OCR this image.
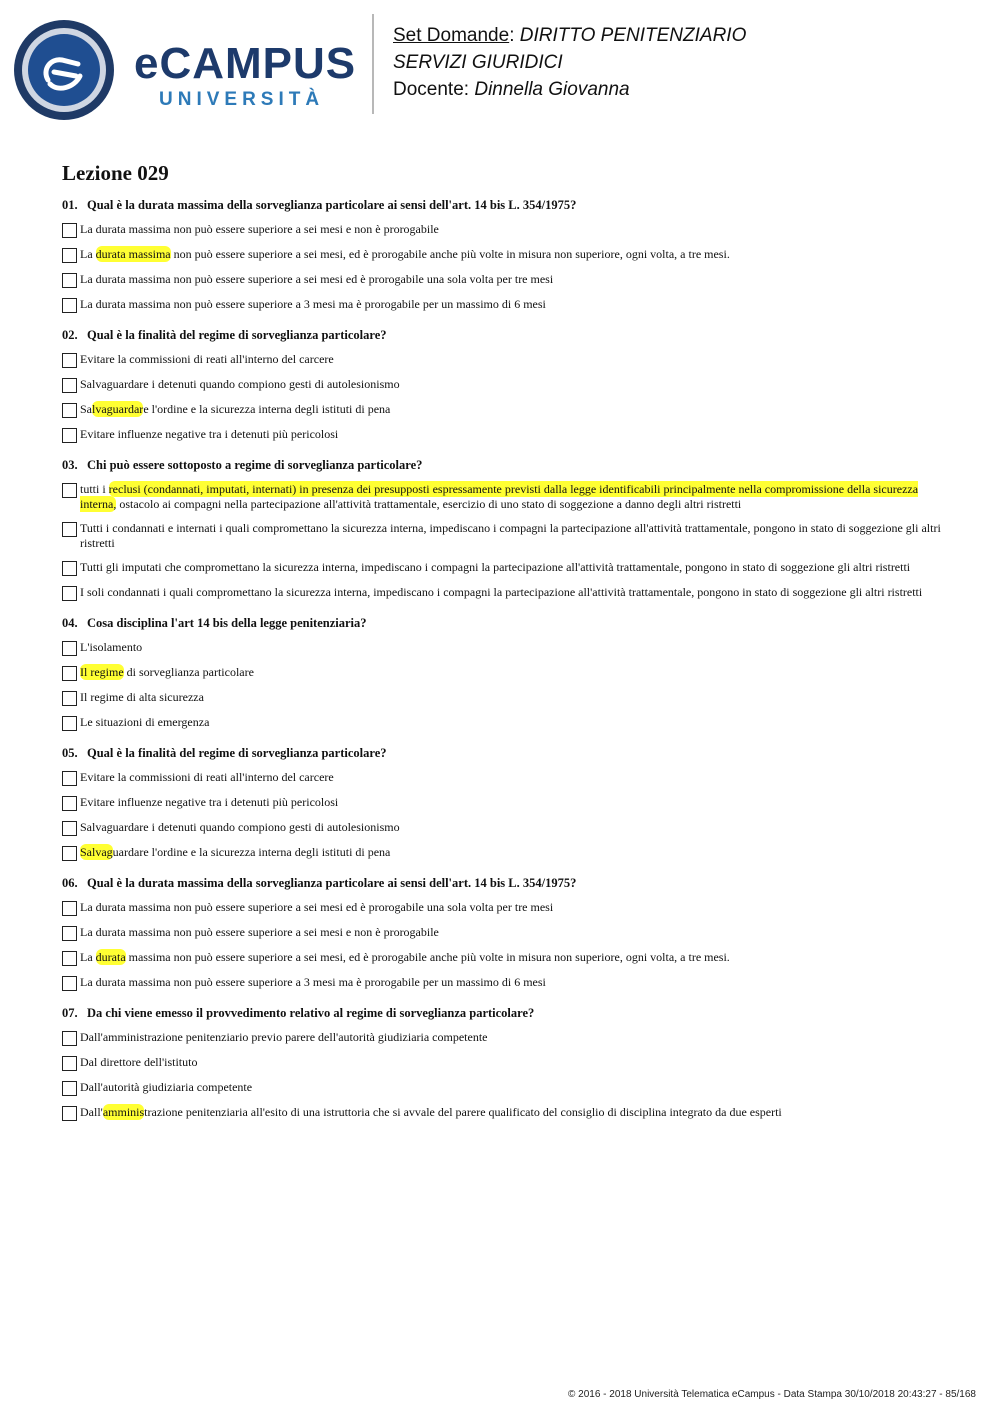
eCAMPUS
UNIVERSITÀ
Set Domande: DIRITTO PENITENZIARIO
SERVIZI GIURIDICI
Docente: Dinnella Giovanna
Lezione 029
01. Qual è la durata massima della sorveglianza particolare ai sensi dell'art. 14 bis L. 354/1975?
La durata massima non può essere superiore a sei mesi e non è prorogabile
La durata massima non può essere superiore a sei mesi, ed è prorogabile anche più volte in misura non superiore, ogni volta, a tre mesi.
La durata massima non può essere superiore a sei mesi ed è prorogabile una sola volta per tre mesi
La durata massima non può essere superiore a 3 mesi ma è prorogabile per un massimo di 6 mesi
02. Qual è la finalità del regime di sorveglianza particolare?
Evitare la commissioni di reati all'interno del carcere
Salvaguardare i detenuti quando compiono gesti di autolesionismo
Salvaguardare l'ordine e la sicurezza interna degli istituti di pena
Evitare influenze negative tra i detenuti più pericolosi
03. Chi può essere sottoposto a regime di sorveglianza particolare?
tutti i reclusi (condannati, imputati, internati) in presenza dei presupposti espressamente previsti dalla legge identificabili principalmente nella compromissione della sicurezza interna, ostacolo ai compagni nella partecipazione all'attività trattamentale, esercizio di uno stato di soggezione a danno degli altri ristretti
Tutti i condannati e internati i quali compromettano la sicurezza interna, impediscano i compagni la partecipazione all'attività trattamentale, pongono in stato di soggezione gli altri ristretti
Tutti gli imputati che compromettano la sicurezza interna, impediscano i compagni la partecipazione all'attività trattamentale, pongono in stato di soggezione gli altri ristretti
I soli condannati i quali compromettano la sicurezza interna, impediscano i compagni la partecipazione all'attività trattamentale, pongono in stato di soggezione gli altri ristretti
04. Cosa disciplina l'art 14 bis della legge penitenziaria?
L'isolamento
Il regime di sorveglianza particolare
Il regime di alta sicurezza
Le situazioni di emergenza
05. Qual è la finalità del regime di sorveglianza particolare?
Evitare la commissioni di reati all'interno del carcere
Evitare influenze negative tra i detenuti più pericolosi
Salvaguardare i detenuti quando compiono gesti di autolesionismo
Salvaguardare l'ordine e la sicurezza interna degli istituti di pena
06. Qual è la durata massima della sorveglianza particolare ai sensi dell'art. 14 bis L. 354/1975?
La durata massima non può essere superiore a sei mesi ed è prorogabile una sola volta per tre mesi
La durata massima non può essere superiore a sei mesi e non è prorogabile
La durata massima non può essere superiore a sei mesi, ed è prorogabile anche più volte in misura non superiore, ogni volta, a tre mesi.
La durata massima non può essere superiore a 3 mesi ma è prorogabile per un massimo di 6 mesi
07. Da chi viene emesso il provvedimento relativo al regime di sorveglianza particolare?
Dall'amministrazione penitenziario previo parere dell'autorità giudiziaria competente
Dal direttore dell'istituto
Dall'autorità giudiziaria competente
Dall'amministrazione penitenziaria all'esito di una istruttoria che si avvale del parere qualificato del consiglio di disciplina integrato da due esperti
© 2016 - 2018 Università Telematica eCampus - Data Stampa 30/10/2018 20:43:27 - 85/168
